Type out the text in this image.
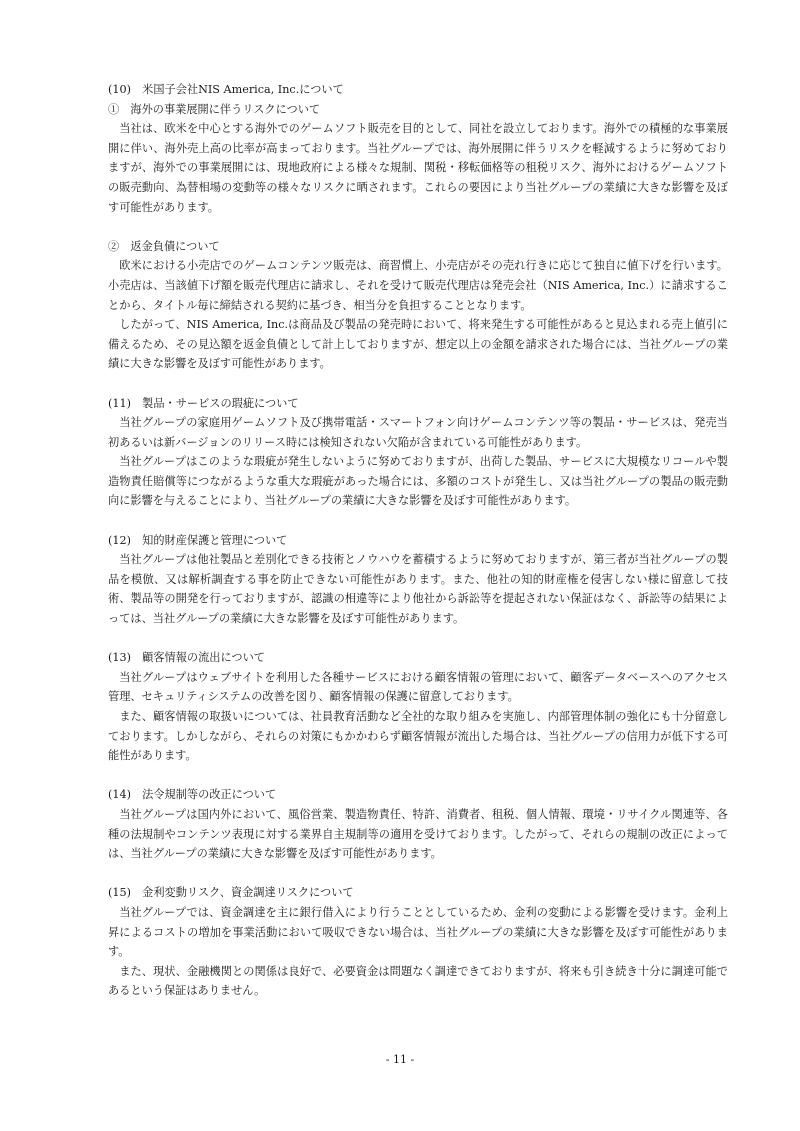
(10)　米国子会社NIS America, Inc.について
①　海外の事業展開に伴うリスクについて
当社は、欧米を中心とする海外でのゲームソフト販売を目的として、同社を設立しております。海外での積極的な事業展開に伴い、海外売上高の比率が高まっております。当社グループでは、海外展開に伴うリスクを軽減するように努めておりますが、海外での事業展開には、現地政府による様々な規制、関税・移転価格等の租税リスク、海外におけるゲームソフトの販売動向、為替相場の変動等の様々なリスクに晒されます。これらの要因により当社グループの業績に大きな影響を及ぼす可能性があります。
②　返金負債について
欧米における小売店でのゲームコンテンツ販売は、商習慣上、小売店がその売れ行きに応じて独自に値下げを行います。小売店は、当該値下げ額を販売代理店に請求し、それを受けて販売代理店は発売会社（NIS America, Inc.）に請求することから、タイトル毎に締結される契約に基づき、相当分を負担することとなります。
したがって、NIS America, Inc.は商品及び製品の発売時において、将来発生する可能性があると見込まれる売上値引に備えるため、その見込額を返金負債として計上しておりますが、想定以上の金額を請求された場合には、当社グループの業績に大きな影響を及ぼす可能性があります。
(11)　製品・サービスの瑕疵について
当社グループの家庭用ゲームソフト及び携帯電話・スマートフォン向けゲームコンテンツ等の製品・サービスは、発売当初あるいは新バージョンのリリース時には検知されない欠陥が含まれている可能性があります。
当社グループはこのような瑕疵が発生しないように努めておりますが、出荷した製品、サービスに大規模なリコールや製造物責任賠償等につながるような重大な瑕疵があった場合には、多額のコストが発生し、又は当社グループの製品の販売動向に影響を与えることにより、当社グループの業績に大きな影響を及ぼす可能性があります。
(12)　知的財産保護と管理について
当社グループは他社製品と差別化できる技術とノウハウを蓄積するように努めておりますが、第三者が当社グループの製品を模倣、又は解析調査する事を防止できない可能性があります。また、他社の知的財産権を侵害しない様に留意して技術、製品等の開発を行っておりますが、認識の相違等により他社から訴訟等を提起されない保証はなく、訴訟等の結果によっては、当社グループの業績に大きな影響を及ぼす可能性があります。
(13)　顧客情報の流出について
当社グループはウェブサイトを利用した各種サービスにおける顧客情報の管理において、顧客データベースへのアクセス管理、セキュリティシステムの改善を図り、顧客情報の保護に留意しております。
また、顧客情報の取扱いについては、社員教育活動など全社的な取り組みを実施し、内部管理体制の強化にも十分留意しております。しかしながら、それらの対策にもかかわらず顧客情報が流出した場合は、当社グループの信用力が低下する可能性があります。
(14)　法令規制等の改正について
当社グループは国内外において、風俗営業、製造物責任、特許、消費者、租税、個人情報、環境・リサイクル関連等、各種の法規制やコンテンツ表現に対する業界自主規制等の適用を受けております。したがって、それらの規制の改正によっては、当社グループの業績に大きな影響を及ぼす可能性があります。
(15)　金利変動リスク、資金調達リスクについて
当社グループでは、資金調達を主に銀行借入により行うこととしているため、金利の変動による影響を受けます。金利上昇によるコストの増加を事業活動において吸収できない場合は、当社グループの業績に大きな影響を及ぼす可能性があります。
また、現状、金融機関との関係は良好で、必要資金は問題なく調達できておりますが、将来も引き続き十分に調達可能であるという保証はありません。
- 11 -
